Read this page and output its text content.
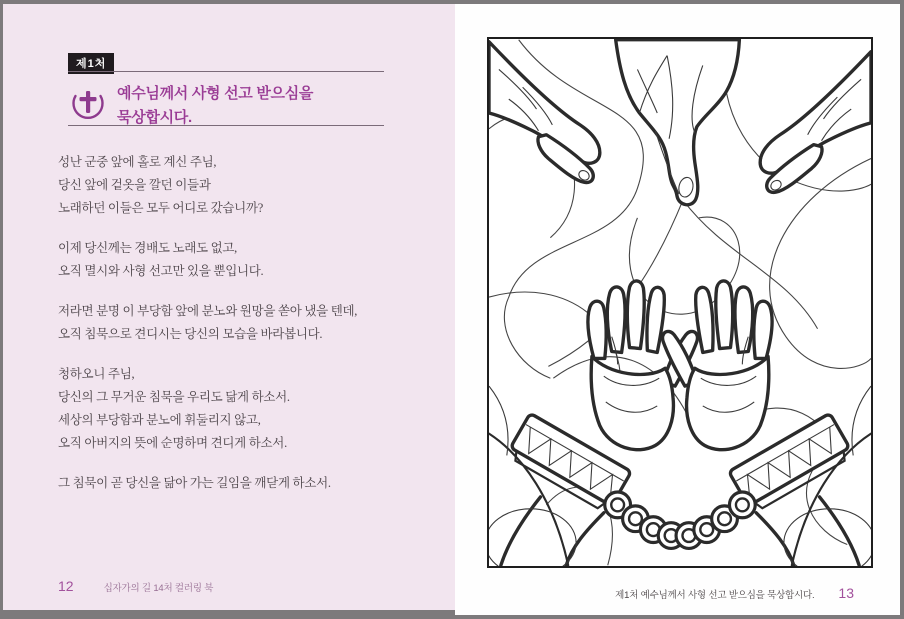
제1처
예수님께서 사형 선고 받으심을
묵상합시다.

성난 군중 앞에 홀로 계신 주님,

당신 앞에 겉옷을 깔던 이들과

노래하던 이들은 모두 어디로 갔습니까?

이제 당신께는 경배도 노래도 없고,

오직 멸시와 사형 선고만 있을 뿐입니다.

저라면 분명 이 부당함 앞에 분노와 원망을 쏟아 냈을 텐데,

오직 침묵으로 견디시는 당신의 모습을 바라봅니다.

청하오니 주님,

당신의 그 무거운 침묵을 우리도 닮게 하소서.

세상의 부당함과 분노에 휘둘리지 않고,

오직 아버지의 뜻에 순명하며 견디게 하소서.

그 침묵이 곧 당신을 닮아 가는 길임을 깨닫게 하소서.

12	십자가의 길 14처 컬러링 북
제1처 예수님께서 사형 선고 받으심을 묵상합시다. 13
